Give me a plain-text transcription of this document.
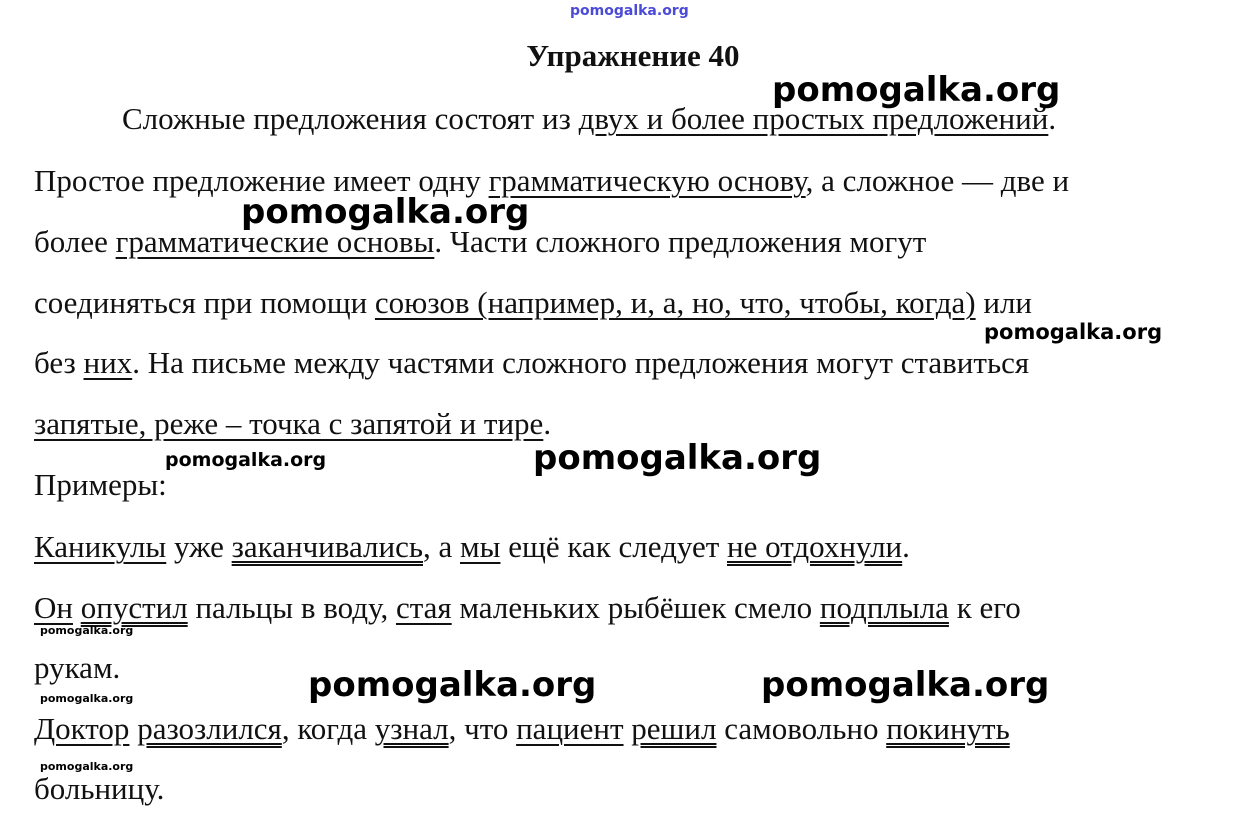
pomogalka.org
Упражнение 40
Сложные предложения состоят из двух и более простых предложений.
Простое предложение имеет одну грамматическую основу, а сложное — две и
более грамматические основы. Части сложного предложения могут
соединяться при помощи союзов (например, и, а, но, что, чтобы, когда) или
без них. На письме между частями сложного предложения могут ставиться
запятые, реже – точка с запятой и тире.
Примеры:
Каникулы уже заканчивались, а мы ещё как следует не отдохнули.
Он опустил пальцы в воду, стая маленьких рыбёшек смело подплыла к его
рукам.
Доктор разозлился, когда узнал, что пациент решил самовольно покинуть
больницу.
pomogalka.org
pomogalka.org
pomogalka.org
pomogalka.org	pomogalka.org
pomogalka.org
pomogalka.org	pomogalka.org
pomogalka.org
pomogalka.org
